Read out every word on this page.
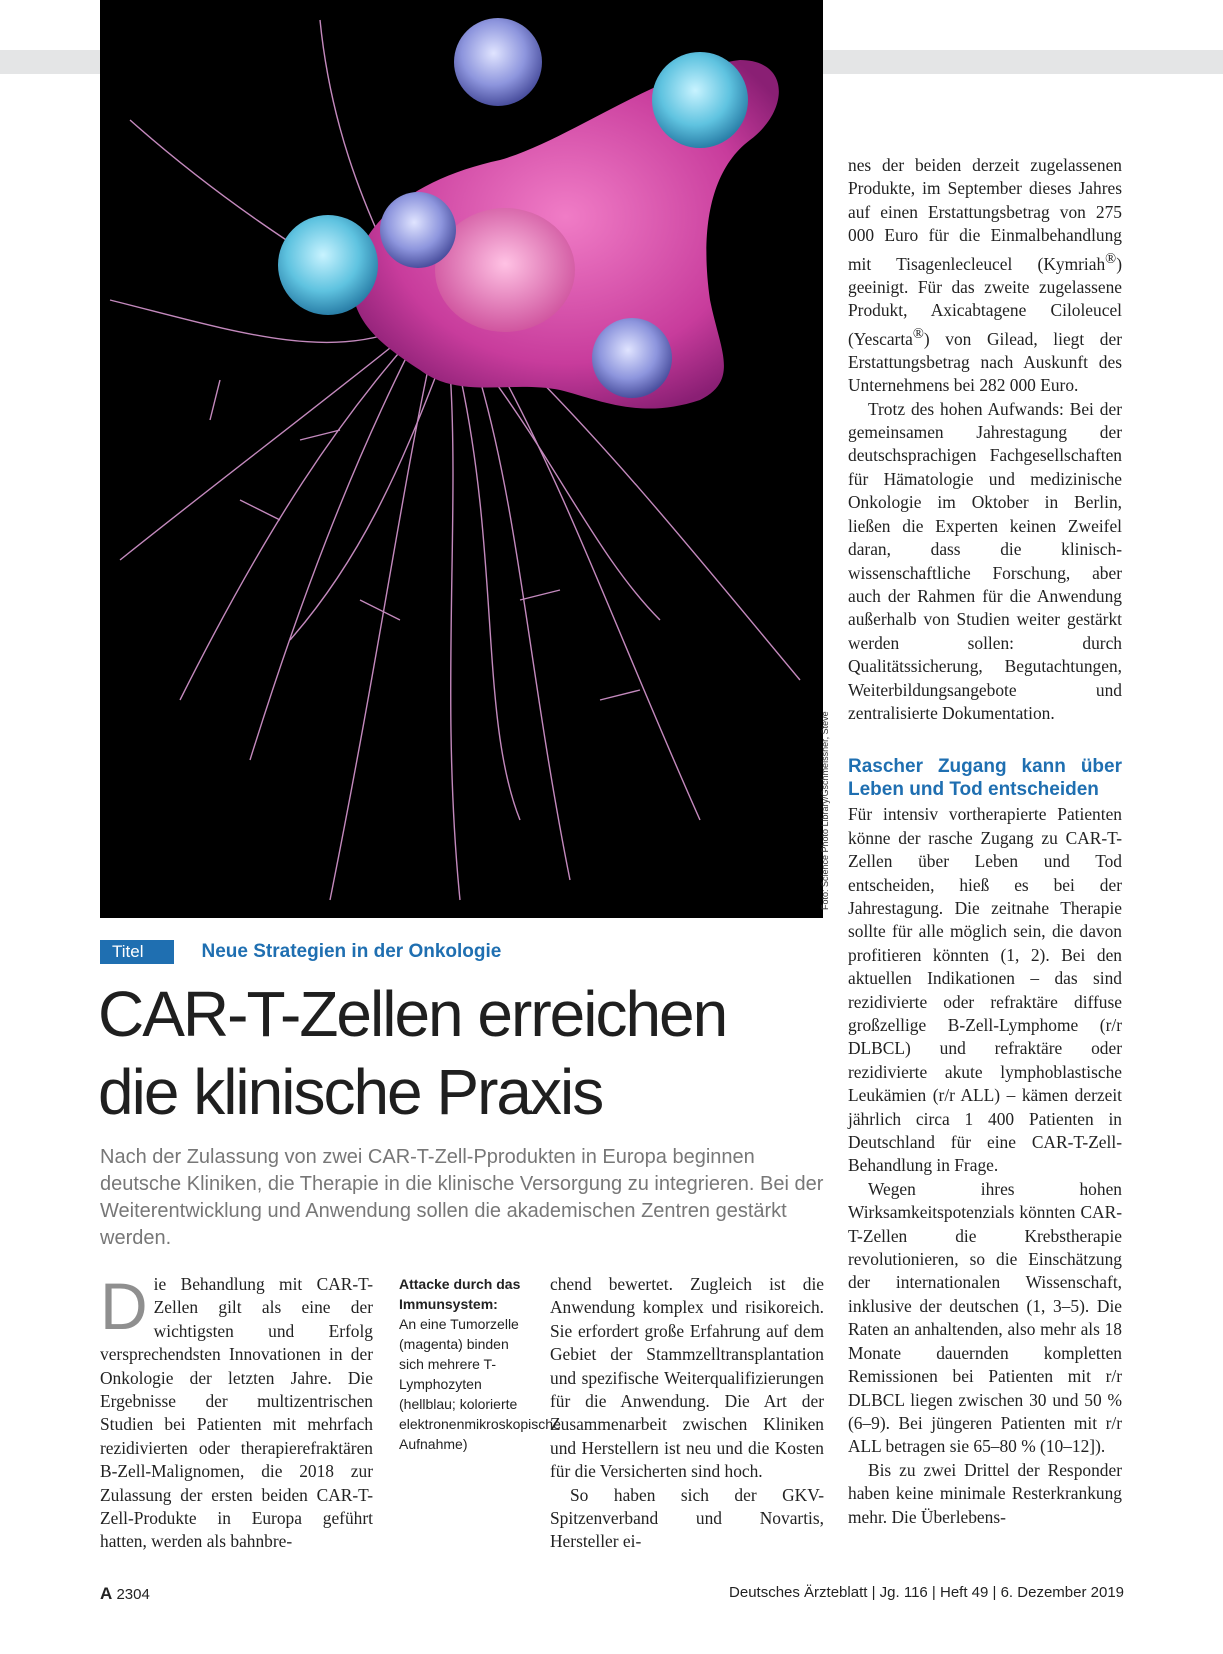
Foto: Science Photo Library/Gschmeissner, Steve
Titel	Neue Strategien in der Onkologie
CAR-T-Zellen erreichen
die klinische Praxis

Nach der Zulassung von zwei CAR-T-Zell-Pprodukten in Europa beginnen deutsche Kliniken, die Therapie in die klinische Versorgung zu integrieren. Bei der Weiterentwicklung und Anwendung sollen die akademischen Zentren gestärkt werden.

D ie Behandlung mit CAR-T-Zellen gilt als eine der wichtigsten und Erfolg versprechendsten Innovationen in der Onkologie der letzten Jahre. Die Ergebnisse der multizentrischen Studien bei Patienten mit mehrfach rezidivierten oder therapierefraktären B-Zell-Malignomen, die 2018 zur Zulassung der ersten beiden CAR-T-Zell-Produkte in Europa geführt hatten, werden als bahnbre-

Attacke durch das Immunsystem:
An eine Tumorzelle (magenta) binden sich mehrere T-Lymphozyten (hellblau; kolorierte elektronenmikroskopische Aufnahme)

chend bewertet. Zugleich ist die Anwendung komplex und risikoreich. Sie erfordert große Erfahrung auf dem Gebiet der Stammzelltransplantation und spezifische Weiterqualifizierungen für die Anwendung. Die Art der Zusammenarbeit zwischen Kliniken und Herstellern ist neu und die Kosten für die Versicherten sind hoch.

So haben sich der GKV-Spitzenverband und Novartis, Hersteller ei-

nes der beiden derzeit zugelassenen Produkte, im September dieses Jahres auf einen Erstattungsbetrag von 275 000 Euro für die Einmalbehandlung mit Tisagenlecleucel (Kymriah®) geeinigt. Für das zweite zugelassene Produkt, Axicabtagene Ciloleucel (Yescarta®) von Gilead, liegt der Erstattungsbetrag nach Auskunft des Unternehmens bei 282 000 Euro.

Trotz des hohen Aufwands: Bei der gemeinsamen Jahrestagung der deutschsprachigen Fachgesellschaften für Hämatologie und medizinische Onkologie im Oktober in Berlin, ließen die Experten keinen Zweifel daran, dass die klinisch-wissenschaftliche Forschung, aber auch der Rahmen für die Anwendung außerhalb von Studien weiter gestärkt werden sollen: durch Qualitätssicherung, Begutachtungen, Weiterbildungsangebote und zentralisierte Dokumentation.

Rascher Zugang kann über Leben und Tod entscheiden

Für intensiv vortherapierte Patienten könne der rasche Zugang zu CAR-T-Zellen über Leben und Tod entscheiden, hieß es bei der Jahrestagung. Die zeitnahe Therapie sollte für alle möglich sein, die davon profitieren könnten (1, 2). Bei den aktuellen Indikationen – das sind rezidivierte oder refraktäre diffuse großzellige B-Zell-Lymphome (r/r DLBCL) und refraktäre oder rezidivierte akute lymphoblastische Leukämien (r/r ALL) – kämen derzeit jährlich circa 1 400 Patienten in Deutschland für eine CAR-T-Zell-Behandlung in Frage.

Wegen ihres hohen Wirksamkeitspotenzials könnten CAR-T-Zellen die Krebstherapie revolutionieren, so die Einschätzung der internationalen Wissenschaft, inklusive der deutschen (1, 3–5). Die Raten an anhaltenden, also mehr als 18 Monate dauernden kompletten Remissionen bei Patienten mit r/r DLBCL liegen zwischen 30 und 50 % (6–9). Bei jüngeren Patienten mit r/r ALL betragen sie 65–80 % (10–12]).

Bis zu zwei Drittel der Responder haben keine minimale Resterkrankung mehr. Die Überlebens-

A 2304	Deutsches Ärzteblatt | Jg. 116 | Heft 49 | 6. Dezember 2019
